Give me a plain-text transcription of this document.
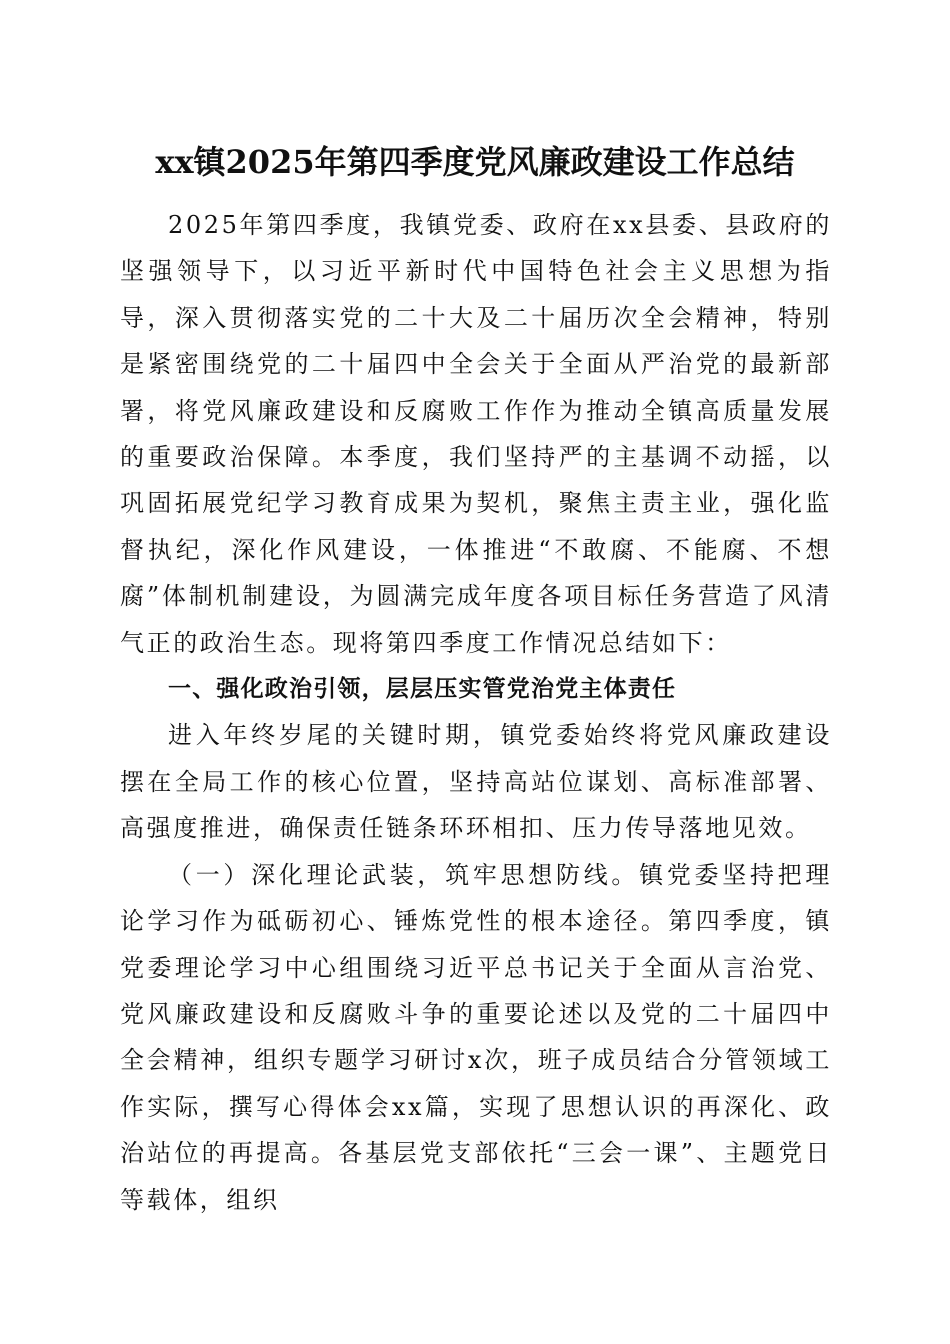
xx镇2025年第四季度党风廉政建设工作总结

2025年第四季度，我镇党委、政府在xx县委、县政府的坚强领导下，以习近平新时代中国特色社会主义思想为指导，深入贯彻落实党的二十大及二十届历次全会精神，特别是紧密围绕党的二十届四中全会关于全面从严治党的最新部署，将党风廉政建设和反腐败工作作为推动全镇高质量发展的重要政治保障。本季度，我们坚持严的主基调不动摇，以巩固拓展党纪学习教育成果为契机，聚焦主责主业，强化监督执纪，深化作风建设，一体推进“不敢腐、不能腐、不想腐”体制机制建设，为圆满完成年度各项目标任务营造了风清气正的政治生态。现将第四季度工作情况总结如下：

一、强化政治引领，层层压实管党治党主体责任

进入年终岁尾的关键时期，镇党委始终将党风廉政建设摆在全局工作的核心位置，坚持高站位谋划、高标准部署、高强度推进，确保责任链条环环相扣、压力传导落地见效。

（一）深化理论武装，筑牢思想防线。镇党委坚持把理论学习作为砥砺初心、锤炼党性的根本途径。第四季度，镇党委理论学习中心组围绕习近平总书记关于全面从言治党、党风廉政建设和反腐败斗争的重要论述以及党的二十届四中全会精神，组织专题学习研讨x次，班子成员结合分管领域工作实际，撰写心得体会xx篇，实现了思想认识的再深化、政治站位的再提高。各基层党支部依托“三会一课”、主题党日等载体，组织
